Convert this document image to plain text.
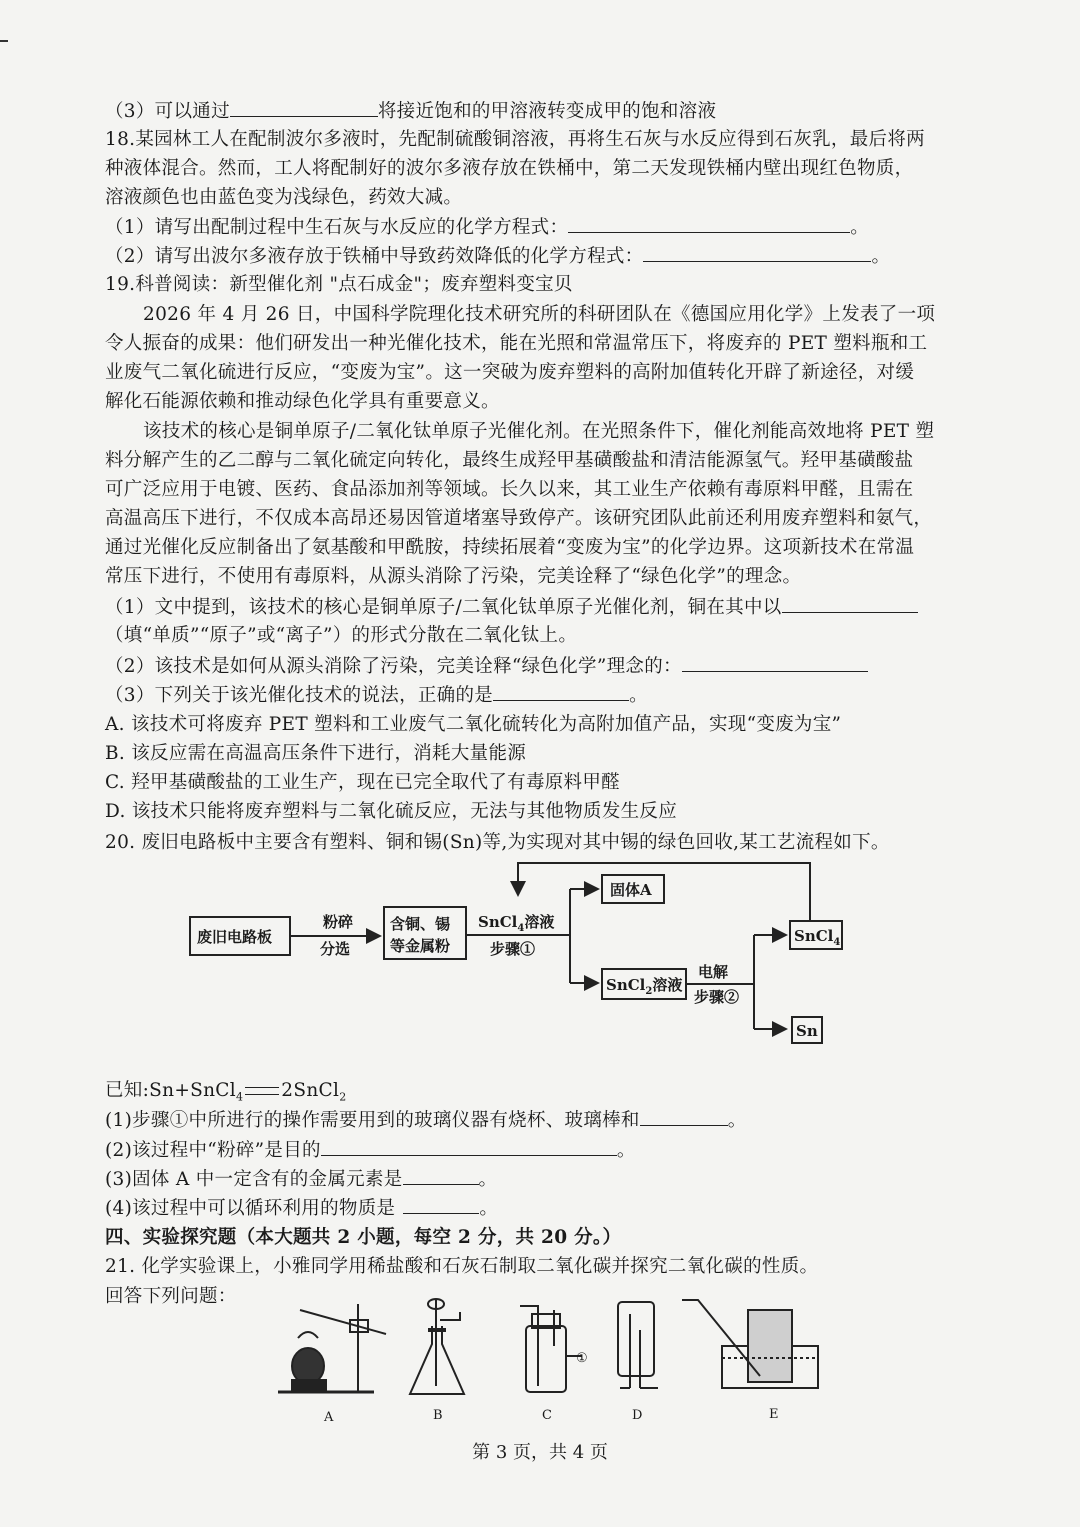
（3）可以通过	将接近饱和的甲溶液转变成甲的饱和溶液
18.某园林工人在配制波尔多液时，先配制硫酸铜溶液，再将生石灰与水反应得到石灰乳，最后将两
种液体混合。然而，工人将配制好的波尔多液存放在铁桶中，第二天发现铁桶内壁出现红色物质，
溶液颜色也由蓝色变为浅绿色，药效大减。
（1）请写出配制过程中生石灰与水反应的化学方程式：	。
（2）请写出波尔多液存放于铁桶中导致药效降低的化学方程式：	。
19.科普阅读：新型催化剂 "点石成金"；废弃塑料变宝贝
2026 年 4 月 26 日，中国科学院理化技术研究所的科研团队在《德国应用化学》上发表了一项
令人振奋的成果：他们研发出一种光催化技术，能在光照和常温常压下，将废弃的 PET 塑料瓶和工
业废气二氧化硫进行反应，“变废为宝”。这一突破为废弃塑料的高附加值转化开辟了新途径，对缓
解化石能源依赖和推动绿色化学具有重要意义。
该技术的核心是铜单原子/二氧化钛单原子光催化剂。在光照条件下，催化剂能高效地将 PET 塑
料分解产生的乙二醇与二氧化硫定向转化，最终生成羟甲基磺酸盐和清洁能源氢气。羟甲基磺酸盐
可广泛应用于电镀、医药、食品添加剂等领域。长久以来，其工业生产依赖有毒原料甲醛，且需在
高温高压下进行，不仅成本高昂还易因管道堵塞导致停产。该研究团队此前还利用废弃塑料和氨气，
通过光催化反应制备出了氨基酸和甲酰胺，持续拓展着“变废为宝”的化学边界。这项新技术在常温
常压下进行，不使用有毒原料，从源头消除了污染，完美诠释了“绿色化学”的理念。
（1）文中提到，该技术的核心是铜单原子/二氧化钛单原子光催化剂，铜在其中以
（填“单质”“原子”或“离子”）的形式分散在二氧化钛上。
（2）该技术是如何从源头消除了污染，完美诠释“绿色化学”理念的：
（3）下列关于该光催化技术的说法，正确的是	。
A. 该技术可将废弃 PET 塑料和工业废气二氧化硫转化为高附加值产品，实现“变废为宝”
B. 该反应需在高温高压条件下进行，消耗大量能源
C. 羟甲基磺酸盐的工业生产，现在已完全取代了有毒原料甲醛
D. 该技术只能将废弃塑料与二氧化硫反应，无法与其他物质发生反应
20. 废旧电路板中主要含有塑料、铜和锡(Sn)等,为实现对其中锡的绿色回收,某工艺流程如下。
废旧电路板
粉碎
分选
含铜、锡
等金属粉
SnCl$_4$溶液
步骤①
固体A
SnCl$_2$溶液
电解
步骤②
SnCl$_4$
Sn
已知:Sn+SnCl$_4$ 2SnCl$_2$
(1)步骤①中所进行的操作需要用到的玻璃仪器有烧杯、玻璃棒和	。
(2)该过程中“粉碎”是目的	。
(3)固体 A 中一定含有的金属元素是	。
(4)该过程中可以循环利用的物质是	。
四、实验探究题（本大题共 2 小题，每空 2 分，共 20 分。）
21. 化学实验课上，小雅同学用稀盐酸和石灰石制取二氧化碳并探究二氧化碳的性质。
回答下列问题：
①
A	B	C	D	E
第 3 页，共 4 页
